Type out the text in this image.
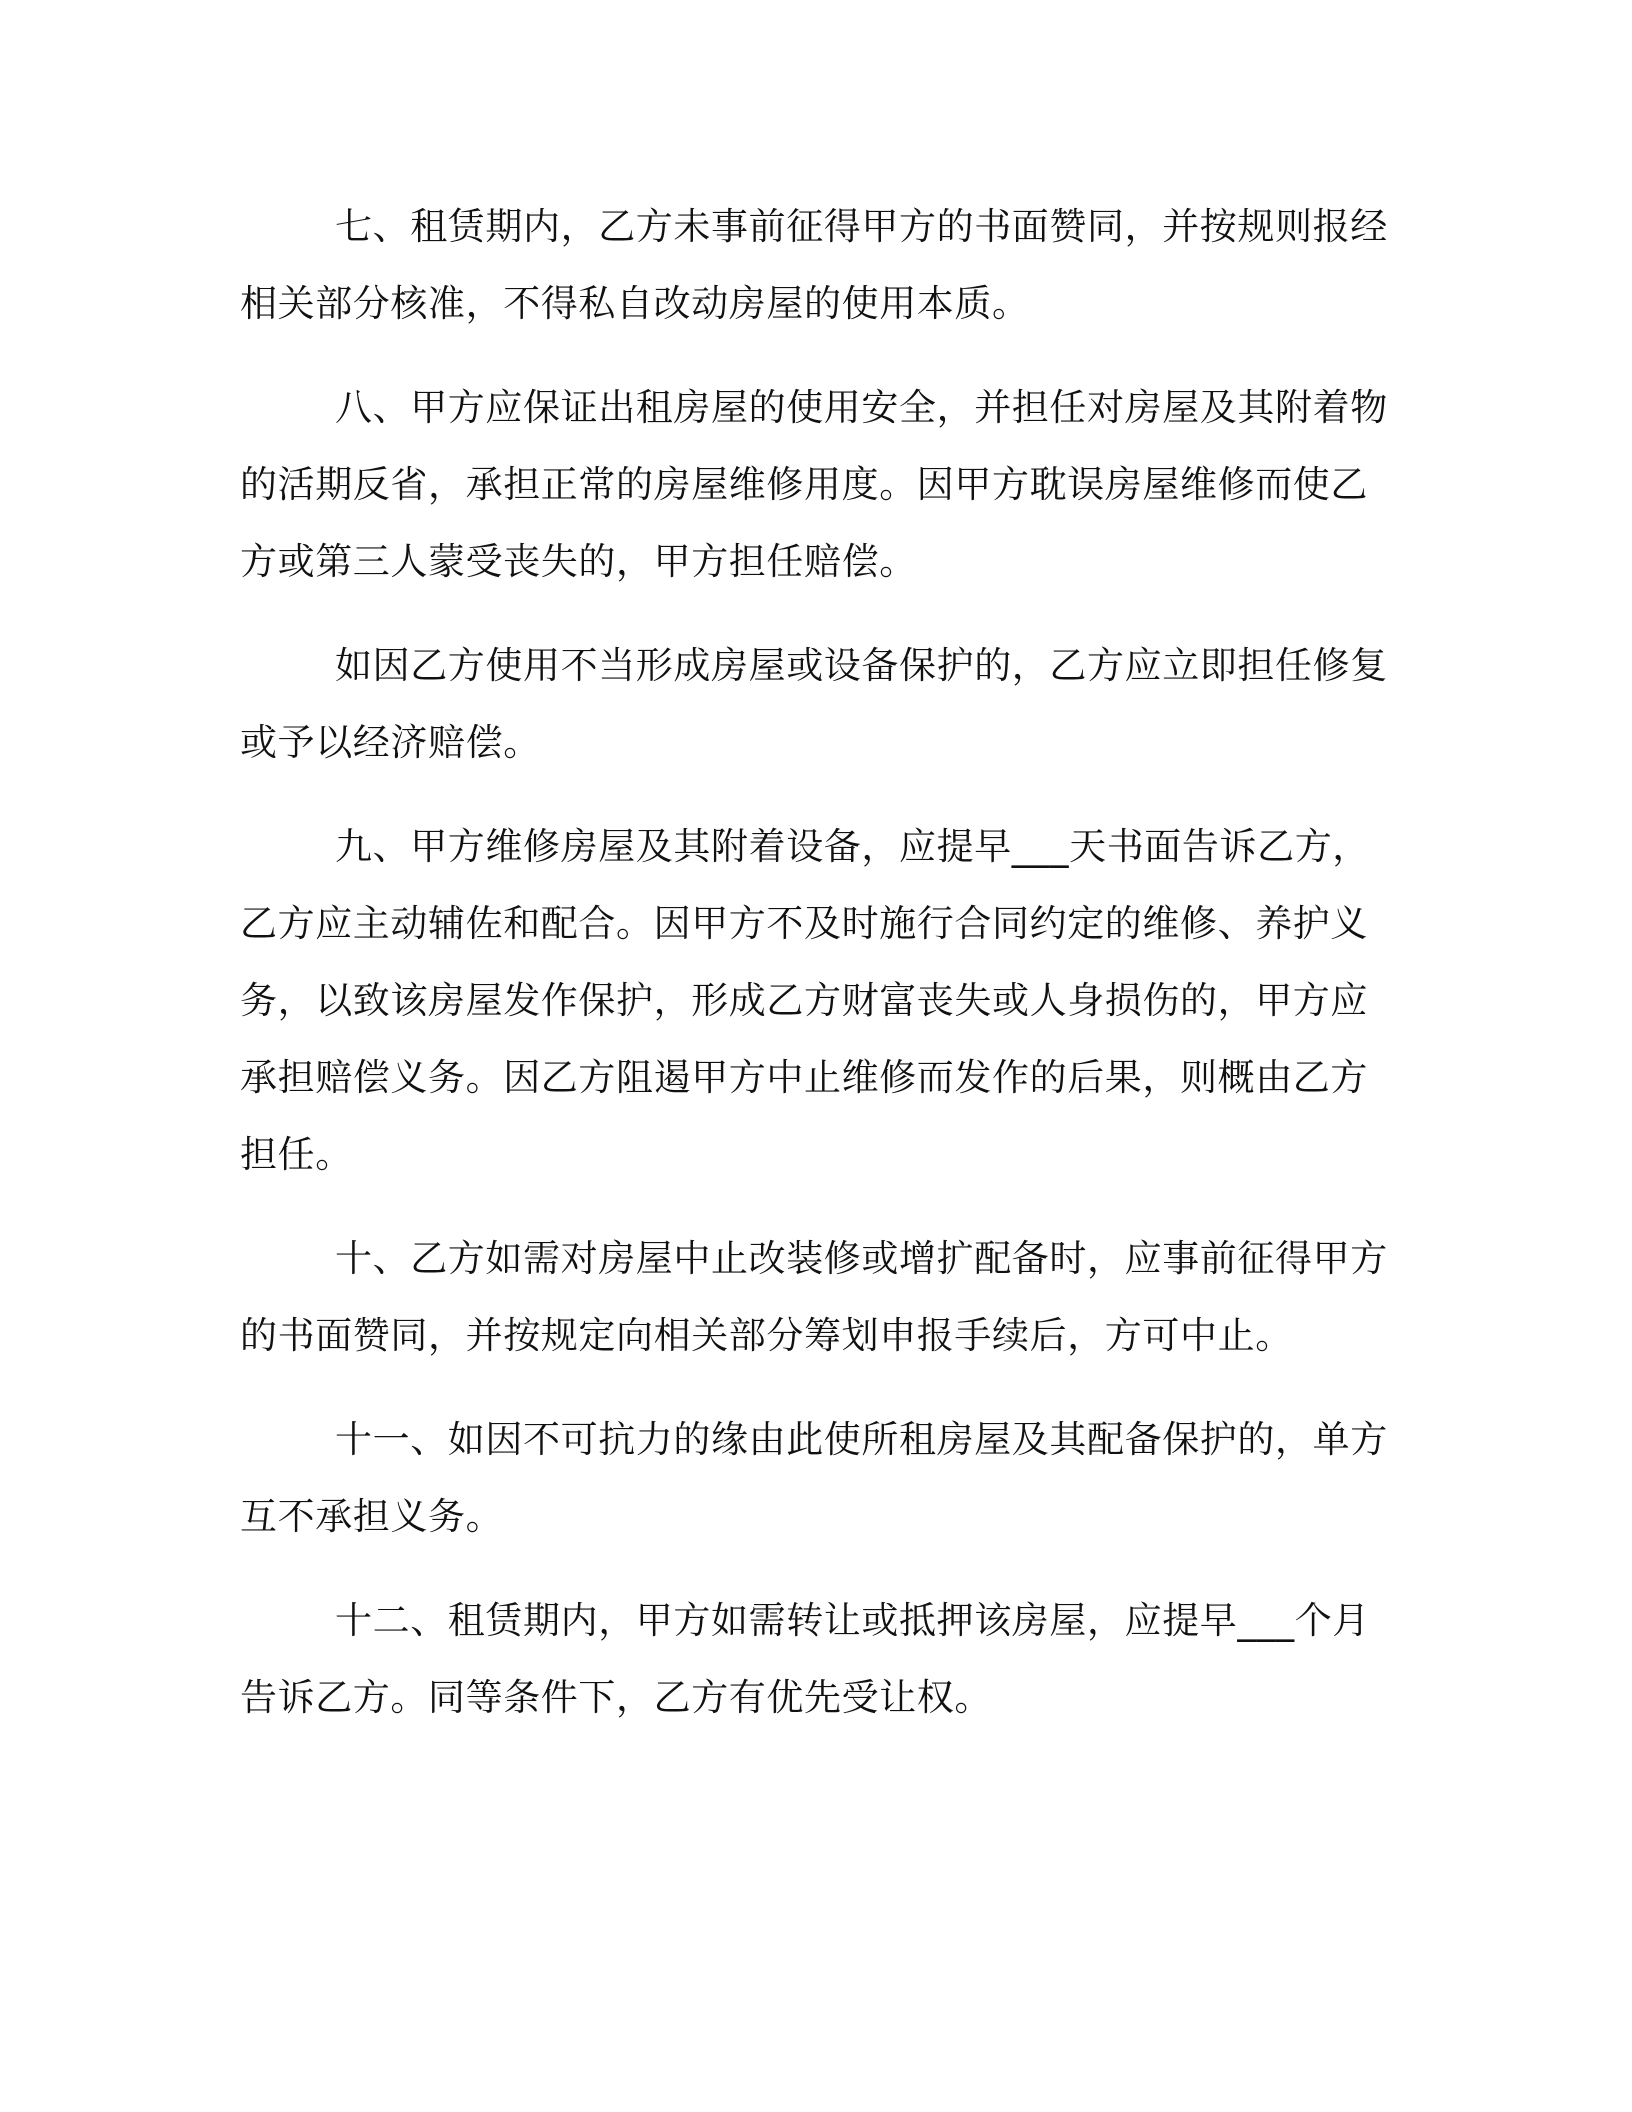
七、租赁期内，乙方未事前征得甲方的书面赞同，并按规则报经
相关部分核准，不得私自改动房屋的使用本质。
八、甲方应保证出租房屋的使用安全，并担任对房屋及其附着物
的活期反省，承担正常的房屋维修用度。因甲方耽误房屋维修而使乙
方或第三人蒙受丧失的，甲方担任赔偿。
如因乙方使用不当形成房屋或设备保护的，乙方应立即担任修复
或予以经济赔偿。
九、甲方维修房屋及其附着设备，应提早___天书面告诉乙方，
乙方应主动辅佐和配合。因甲方不及时施行合同约定的维修、养护义
务，以致该房屋发作保护，形成乙方财富丧失或人身损伤的，甲方应
承担赔偿义务。因乙方阻遏甲方中止维修而发作的后果，则概由乙方
担任。
十、乙方如需对房屋中止改装修或增扩配备时，应事前征得甲方
的书面赞同，并按规定向相关部分筹划申报手续后，方可中止。
十一、如因不可抗力的缘由此使所租房屋及其配备保护的，单方
互不承担义务。
十二、租赁期内，甲方如需转让或抵押该房屋，应提早___个月
告诉乙方。同等条件下，乙方有优先受让权。
